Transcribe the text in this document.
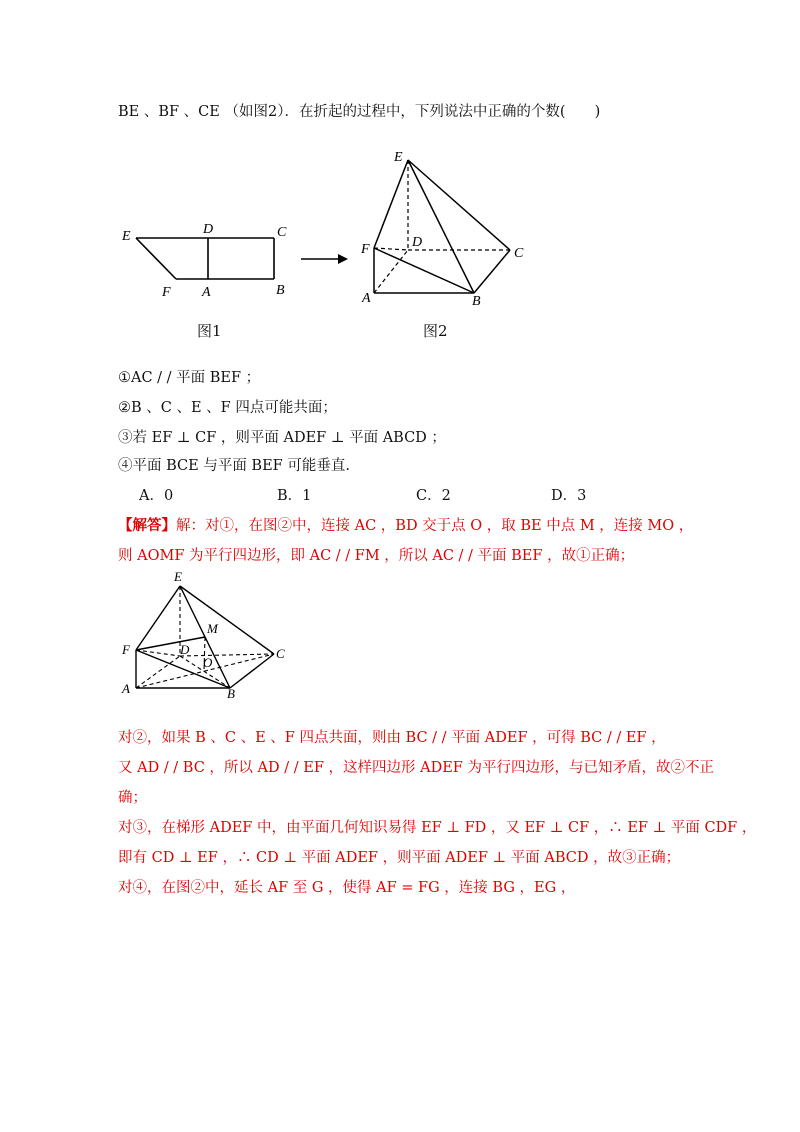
BE 、BF 、CE （如图2）．在折起的过程中，下列说法中正确的个数(　　)
E	D	C
F A	B
E
F	D
C
A	B
图1	图2
①AC / / 平面 BEF ；
②B 、C 、E 、F 四点可能共面；
③若 EF ⊥ CF ，则平面 ADEF ⊥ 平面 ABCD ；
④平面 BCE 与平面 BEF 可能垂直.
A．0	B．1	C．2	D．3
【解答】解：对①，在图②中，连接 AC ，BD 交于点 O ，取 BE 中点 M ，连接 MO ，
则 AOMF 为平行四边形，即 AC / / FM ，所以 AC / / 平面 BEF ，故①正确；
E
M
F	D	C
O
A	B
对②，如果 B 、C 、E 、F 四点共面，则由 BC / / 平面 ADEF ，可得 BC / / EF ，
又 AD / / BC ，所以 AD / / EF ，这样四边形 ADEF 为平行四边形，与已知矛盾，故②不正
确；
对③，在梯形 ADEF 中，由平面几何知识易得 EF ⊥ FD ，又 EF ⊥ CF ，∴ EF ⊥ 平面 CDF ，
即有 CD ⊥ EF ，∴ CD ⊥ 平面 ADEF ，则平面 ADEF ⊥ 平面 ABCD ，故③正确；
对④，在图②中，延长 AF 至 G ，使得 AF = FG ，连接 BG ，EG ，
